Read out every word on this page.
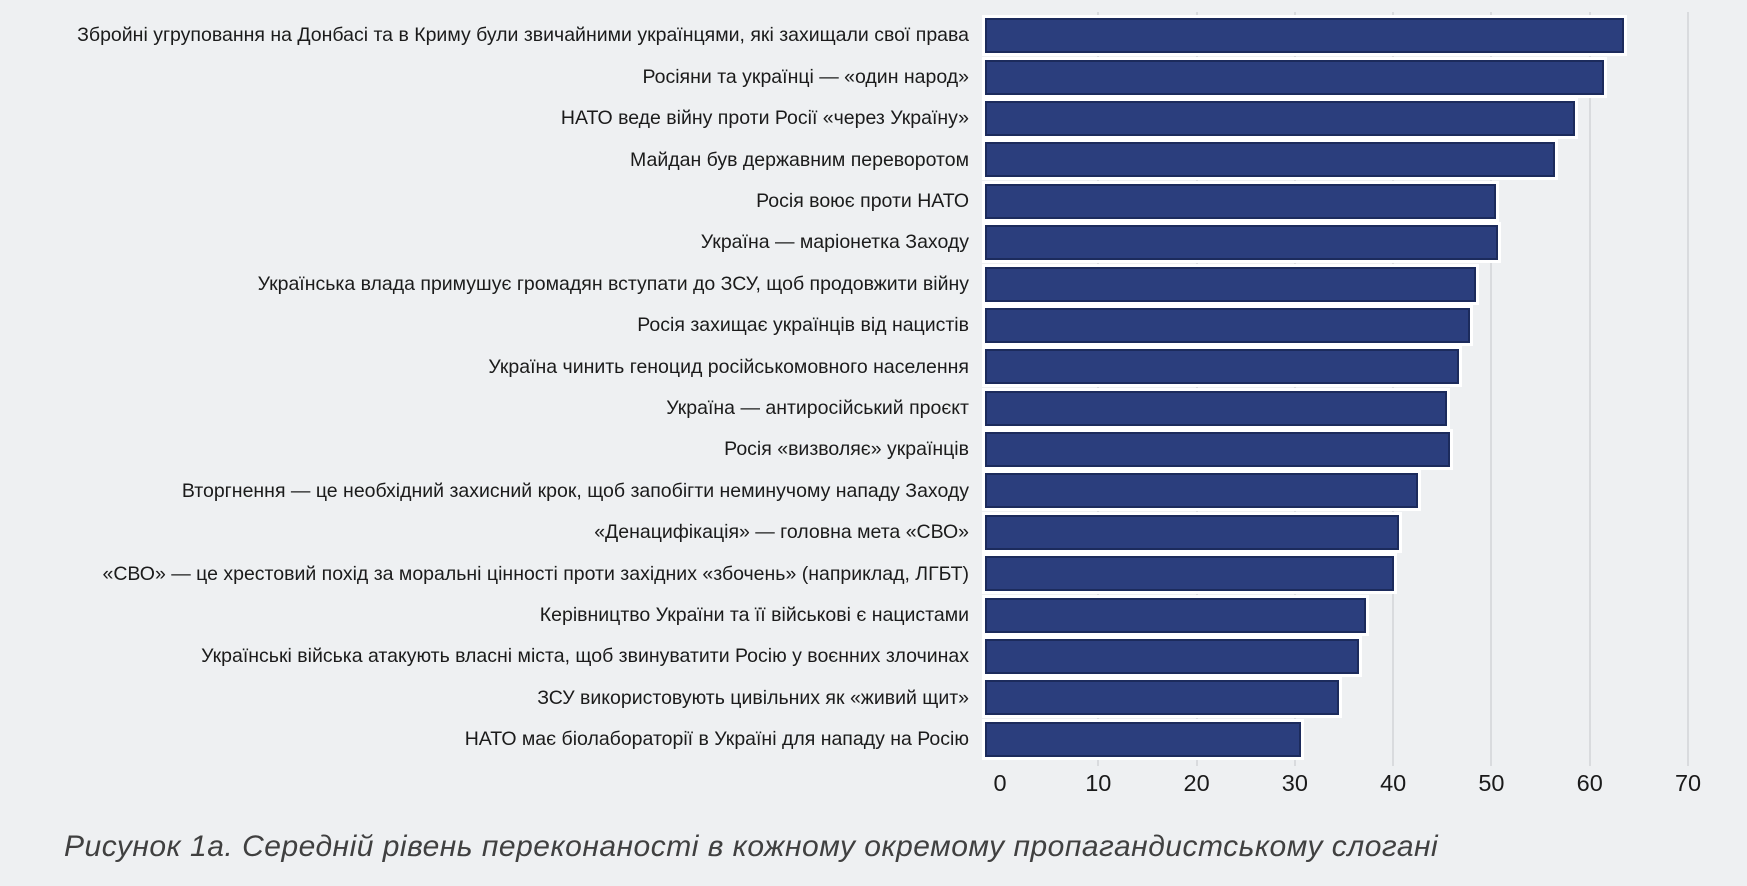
Збройні угруповання на Донбасі та в Криму були звичайними українцями, які захищали свої права
Росіяни та українці — «один народ»
НАТО веде війну проти Росії «через Україну»
Майдан був державним переворотом
Росія воює проти НАТО
Україна — маріонетка Заходу
Українська влада примушує громадян вступати до ЗСУ, щоб продовжити війну
Росія захищає українців від нацистів
Україна чинить геноцид російськомовного населення
Україна — антиросійський проєкт
Росія «визволяє» українців
Вторгнення — це необхідний захисний крок, щоб запобігти неминучому нападу Заходу
«Денацифікація» — головна мета «СВО»
«СВО» — це хрестовий похід за моральні цінності проти західних «збочень» (наприклад, ЛГБТ)
Керівництво України та її військові є нацистами
Українські війська атакують власні міста, щоб звинуватити Росію у воєнних злочинах
ЗСУ використовують цивільних як «живий щит»
НАТО має біолабораторії в Україні для нападу на Росію
0	10	20	30	40	50	60	70
Рисунок 1а. Середній рівень переконаності в кожному окремому пропагандистському слогані
